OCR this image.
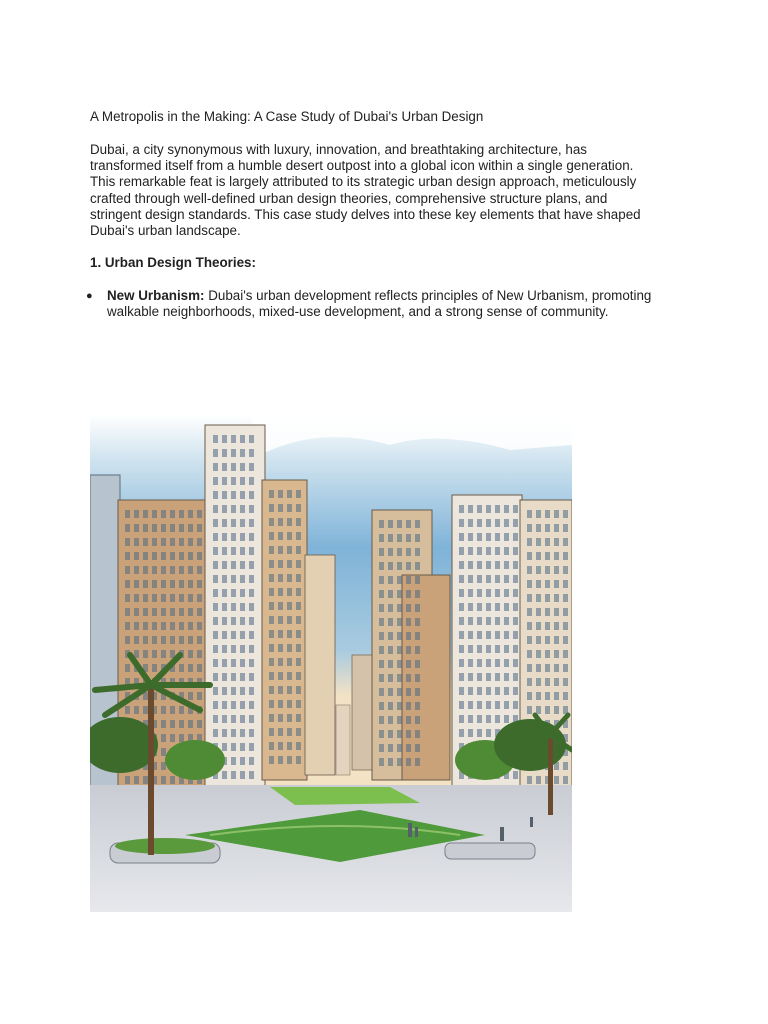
A Metropolis in the Making: A Case Study of Dubai's Urban Design

Dubai, a city synonymous with luxury, innovation, and breathtaking architecture, has
transformed itself from a humble desert outpost into a global icon within a single generation.
This remarkable feat is largely attributed to its strategic urban design approach, meticulously
crafted through well-defined urban design theories, comprehensive structure plans, and
stringent design standards. This case study delves into these key elements that have shaped
Dubai's urban landscape.

1. Urban Design Theories:
● New Urbanism: Dubai's urban development reflects principles of New Urbanism, promoting
walkable neighborhoods, mixed-use development, and a strong sense of community.
